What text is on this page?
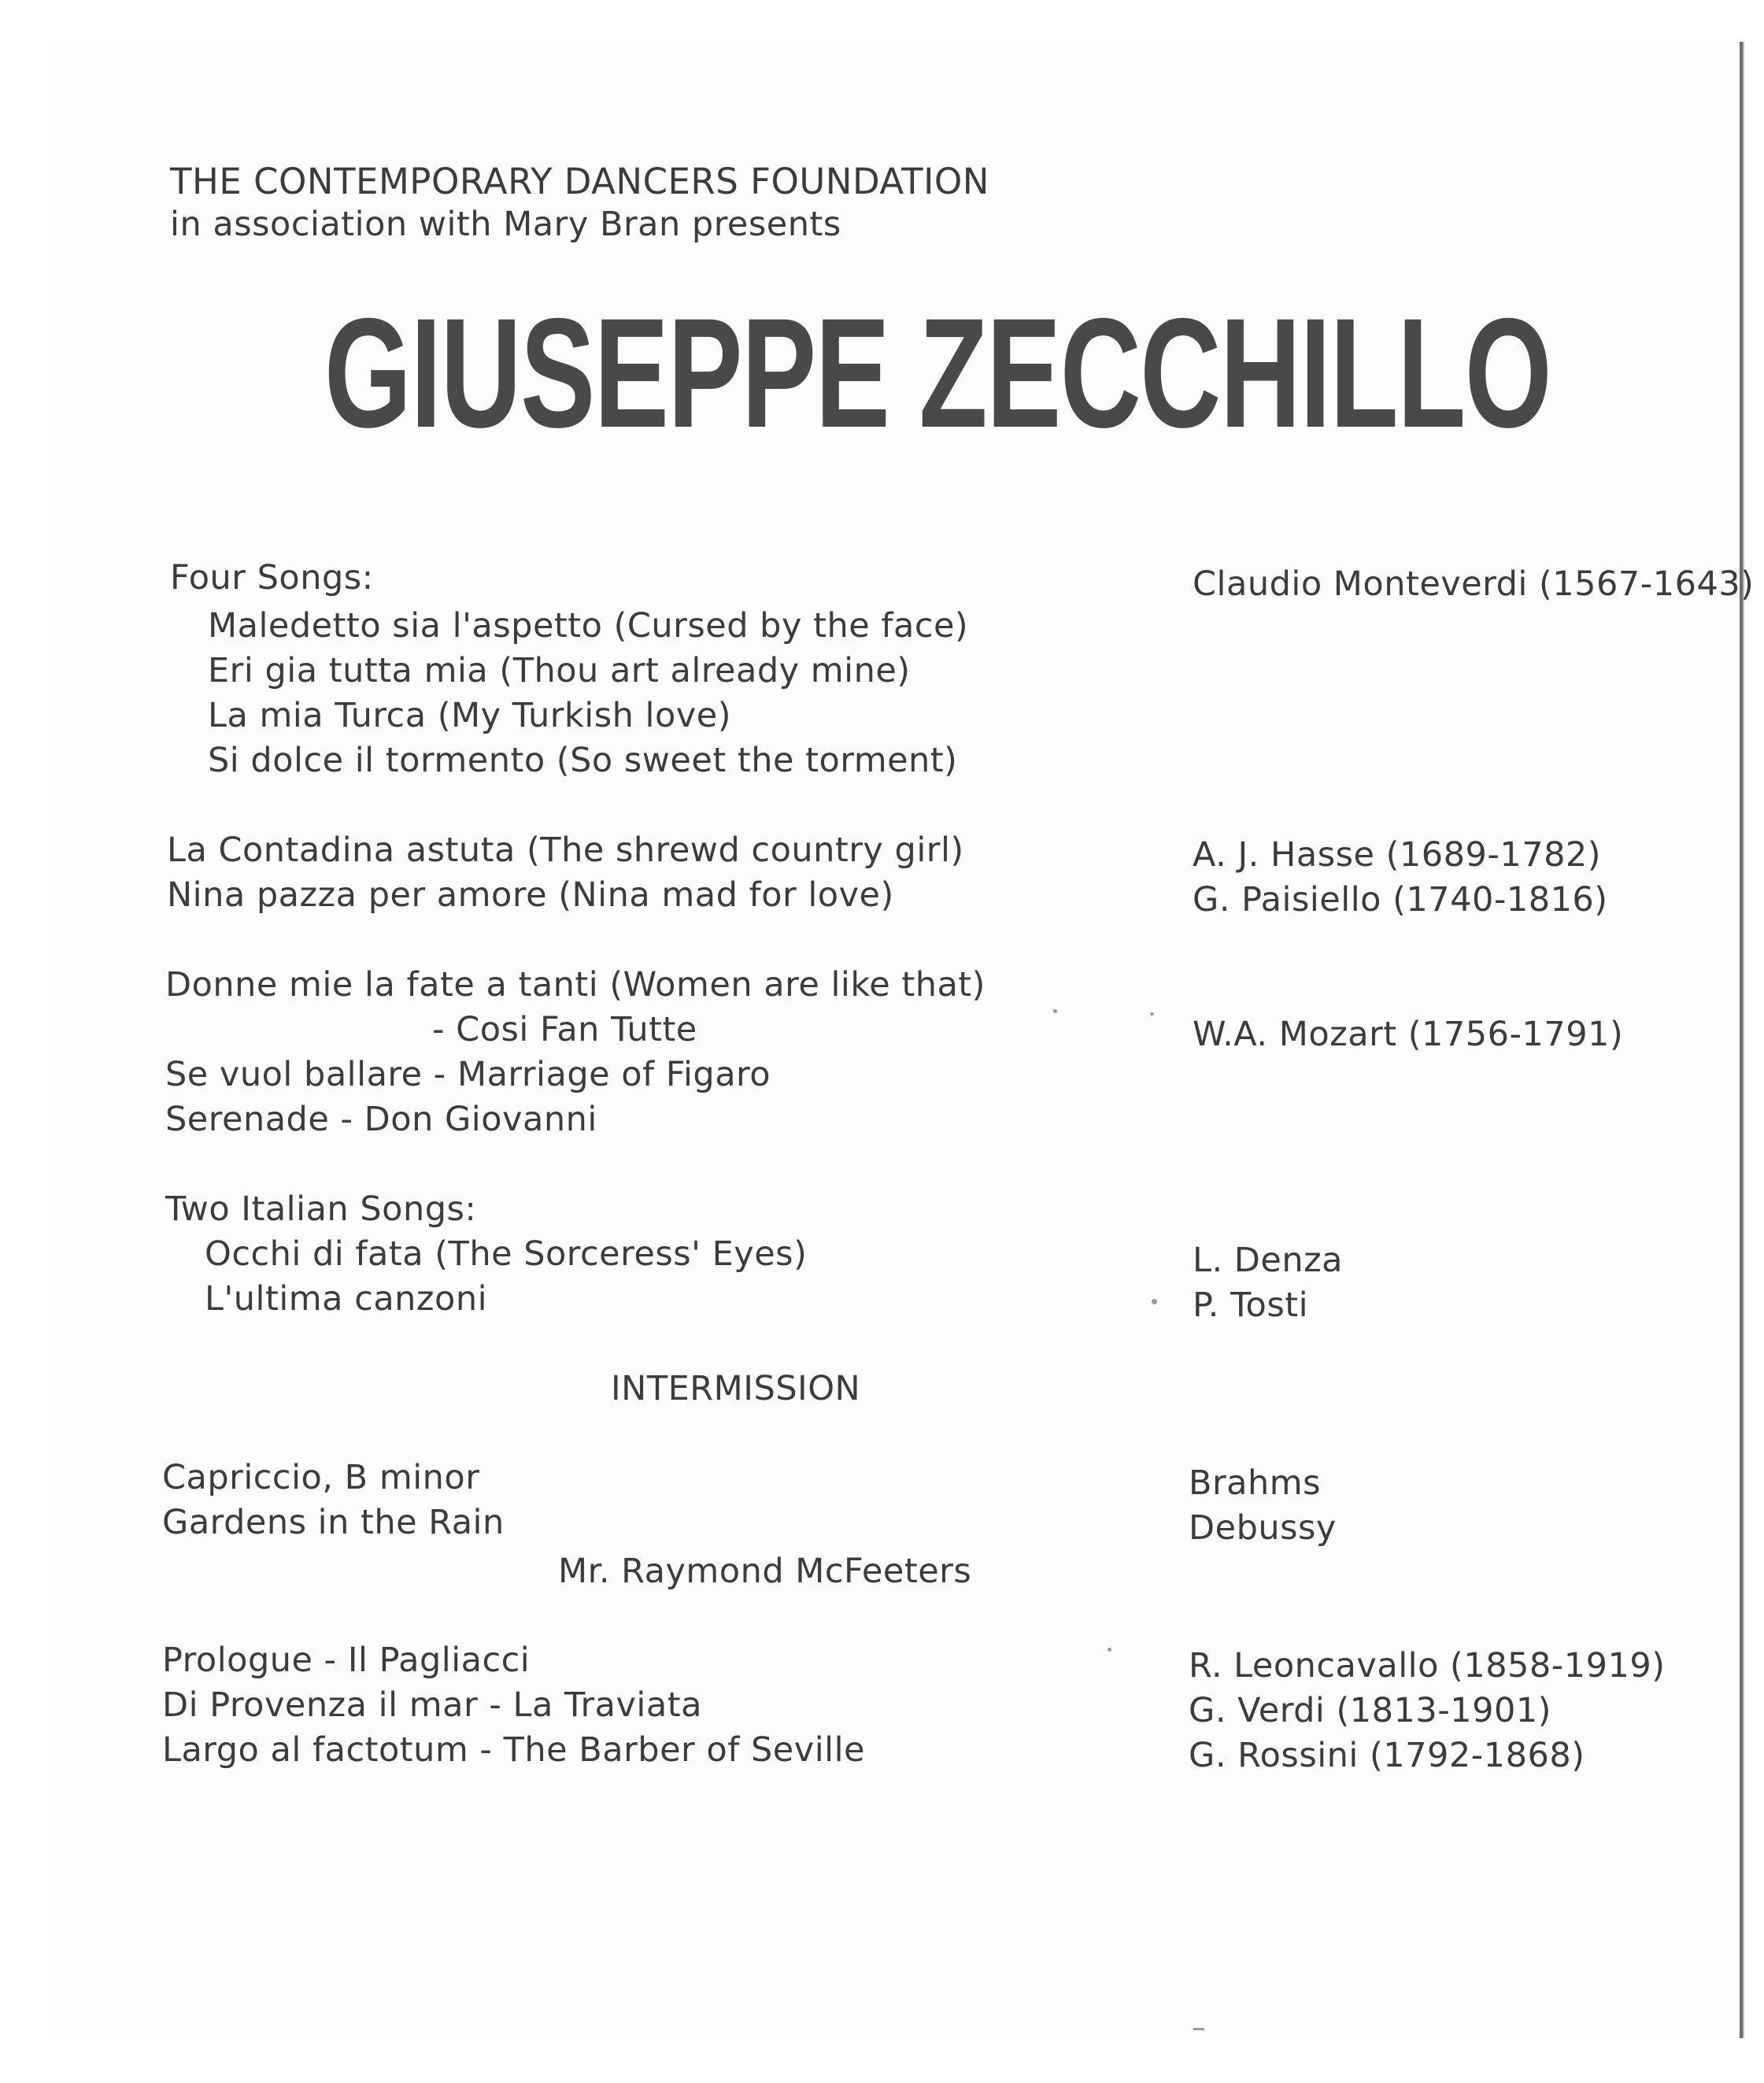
THE CONTEMPORARY DANCERS FOUNDATION
in association with Mary Bran presents
GIUSEPPE ZECCHILLO
Four Songs:	Claudio Monteverdi (1567-1643)
Maledetto sia l'aspetto (Cursed by the face)
Eri gia tutta mia (Thou art already mine)
La mia Turca (My Turkish love)
Si dolce il tormento (So sweet the torment)
La Contadina astuta (The shrewd country girl)	A. J. Hasse (1689-1782)
Nina pazza per amore (Nina mad for love)	G. Paisiello (1740-1816)
Donne mie la fate a tanti (Women are like that)
- Cosi Fan Tutte	W.A. Mozart (1756-1791)
Se vuol ballare - Marriage of Figaro
Serenade - Don Giovanni
Two Italian Songs:
Occhi di fata (The Sorceress' Eyes)	L. Denza
L'ultima canzoni	P. Tosti
INTERMISSION
Capriccio, B minor	Brahms
Gardens in the Rain	Debussy
Mr. Raymond McFeeters
Prologue - Il Pagliacci	R. Leoncavallo (1858-1919)
Di Provenza il mar - La Traviata	G. Verdi (1813-1901)
Largo al factotum - The Barber of Seville	G. Rossini (1792-1868)
